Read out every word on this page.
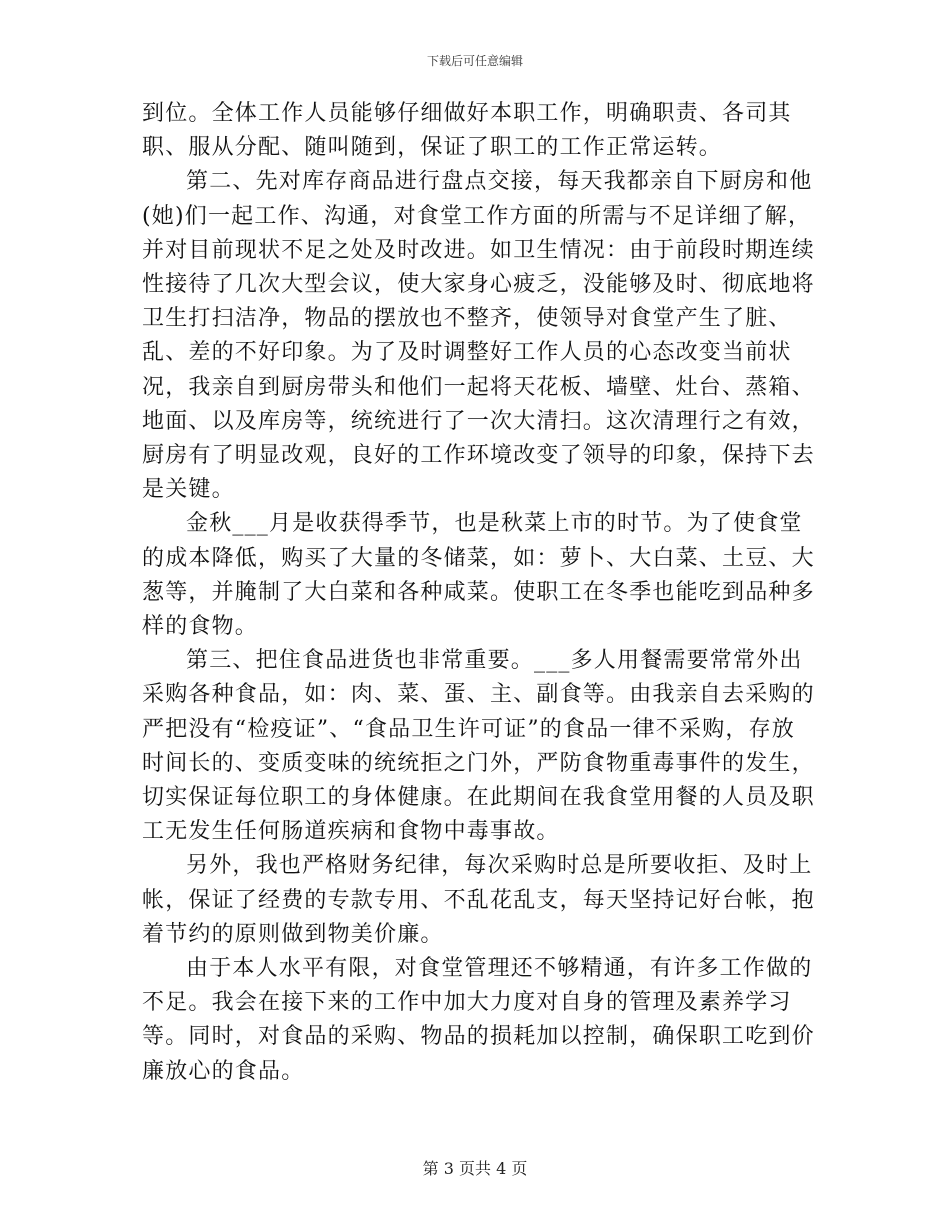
下载后可任意编辑

到位。全体工作人员能够仔细做好本职工作，明确职责、各司其职、服从分配、随叫随到，保证了职工的工作正常运转。

第二、先对库存商品进行盘点交接，每天我都亲自下厨房和他(她)们一起工作、沟通，对食堂工作方面的所需与不足详细了解，并对目前现状不足之处及时改进。如卫生情况：由于前段时期连续性接待了几次大型会议，使大家身心疲乏，没能够及时、彻底地将卫生打扫洁净，物品的摆放也不整齐，使领导对食堂产生了脏、乱、差的不好印象。为了及时调整好工作人员的心态改变当前状况，我亲自到厨房带头和他们一起将天花板、墙壁、灶台、蒸箱、地面、以及库房等，统统进行了一次大清扫。这次清理行之有效，厨房有了明显改观，良好的工作环境改变了领导的印象，保持下去是关键。

金秋___月是收获得季节，也是秋菜上市的时节。为了使食堂的成本降低，购买了大量的冬储菜，如：萝卜、大白菜、土豆、大葱等，并腌制了大白菜和各种咸菜。使职工在冬季也能吃到品种多样的食物。

第三、把住食品进货也非常重要。___多人用餐需要常常外出采购各种食品，如：肉、菜、蛋、主、副食等。由我亲自去采购的严把没有“检疫证”、“食品卫生许可证”的食品一律不采购，存放时间长的、变质变味的统统拒之门外，严防食物重毒事件的发生，切实保证每位职工的身体健康。在此期间在我食堂用餐的人员及职工无发生任何肠道疾病和食物中毒事故。

另外，我也严格财务纪律，每次采购时总是所要收拒、及时上帐，保证了经费的专款专用、不乱花乱支，每天坚持记好台帐，抱着节约的原则做到物美价廉。

由于本人水平有限，对食堂管理还不够精通，有许多工作做的不足。我会在接下来的工作中加大力度对自身的管理及素养学习等。同时，对食品的采购、物品的损耗加以控制，确保职工吃到价廉放心的食品。

第 3 页共 4 页
